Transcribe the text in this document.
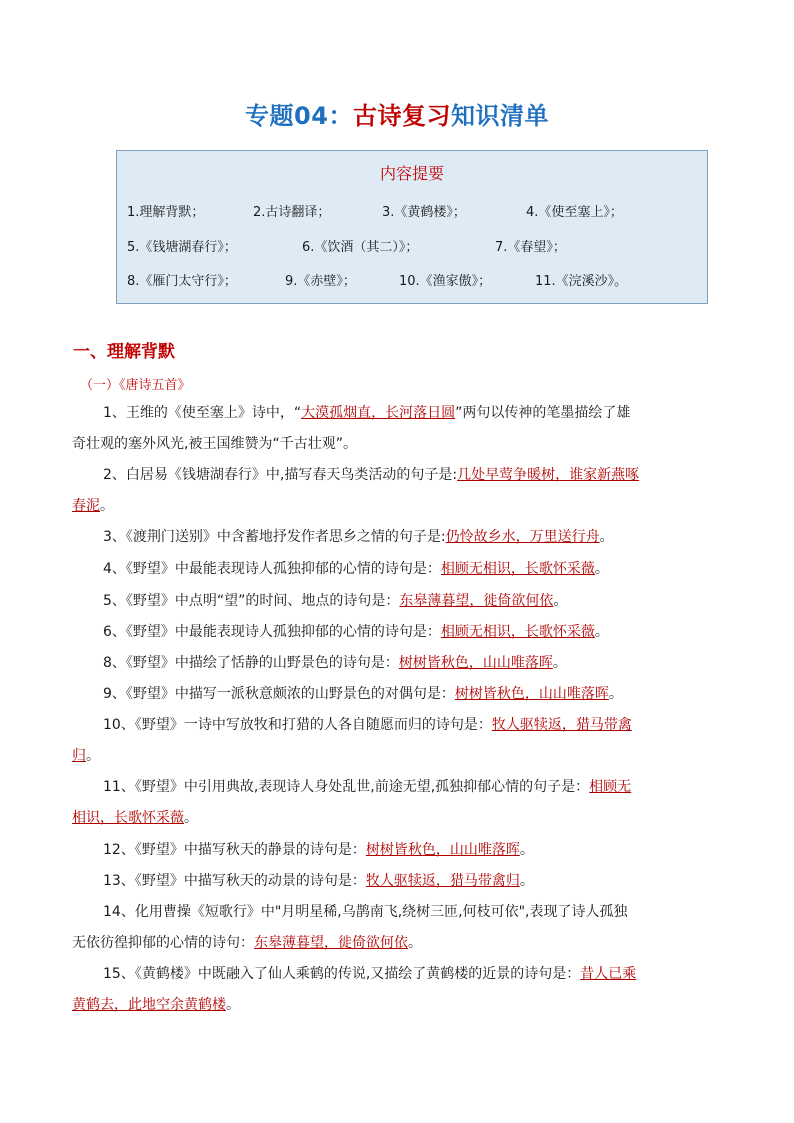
专题04：古诗复习知识清单
内容提要
1.理解背默；	2.古诗翻译；	3.《黄鹤楼》；	4.《使至塞上》；
5.《钱塘湖春行》；	6.《饮酒（其二）》；	7.《春望》；
8.《雁门太守行》；	9.《赤壁》；	10.《渔家傲》；	11.《浣溪沙》。
一、理解背默
（一）《唐诗五首》
1、王维的《使至塞上》诗中，“大漠孤烟直，长河落日圆”两句以传神的笔墨描绘了雄
奇壮观的塞外风光,被王国维赞为“千古壮观”。
2、白居易《钱塘湖春行》中,描写春天鸟类活动的句子是:几处早莺争暖树，谁家新燕啄
春泥。
3、《渡荆门送别》中含蓄地抒发作者思乡之情的句子是:仍怜故乡水，万里送行舟。
4、《野望》中最能表现诗人孤独抑郁的心情的诗句是：相顾无相识，长歌怀采薇。
5、《野望》中点明“望”的时间、地点的诗句是：东皋薄暮望，徙倚欲何依。
6、《野望》中最能表现诗人孤独抑郁的心情的诗句是：相顾无相识，长歌怀采薇。
8、《野望》中描绘了恬静的山野景色的诗句是：树树皆秋色，山山唯落晖。
9、《野望》中描写一派秋意颇浓的山野景色的对偶句是：树树皆秋色，山山唯落晖。
10、《野望》一诗中写放牧和打猎的人各自随愿而归的诗句是：牧人驱犊返，猎马带禽
归。
11、《野望》中引用典故,表现诗人身处乱世,前途无望,孤独抑郁心情的句子是：相顾无
相识，长歌怀采薇。
12、《野望》中描写秋天的静景的诗句是：树树皆秋色，山山唯落晖。
13、《野望》中描写秋天的动景的诗句是：牧人驱犊返，猎马带禽归。
14、化用曹操《短歌行》中"月明星稀,乌鹊南飞,绕树三匝,何枝可依",表现了诗人孤独
无依彷徨抑郁的心情的诗句：东皋薄暮望，徙倚欲何依。
15、《黄鹤楼》中既融入了仙人乘鹤的传说,又描绘了黄鹤楼的近景的诗句是：昔人已乘
黄鹤去，此地空余黄鹤楼。
